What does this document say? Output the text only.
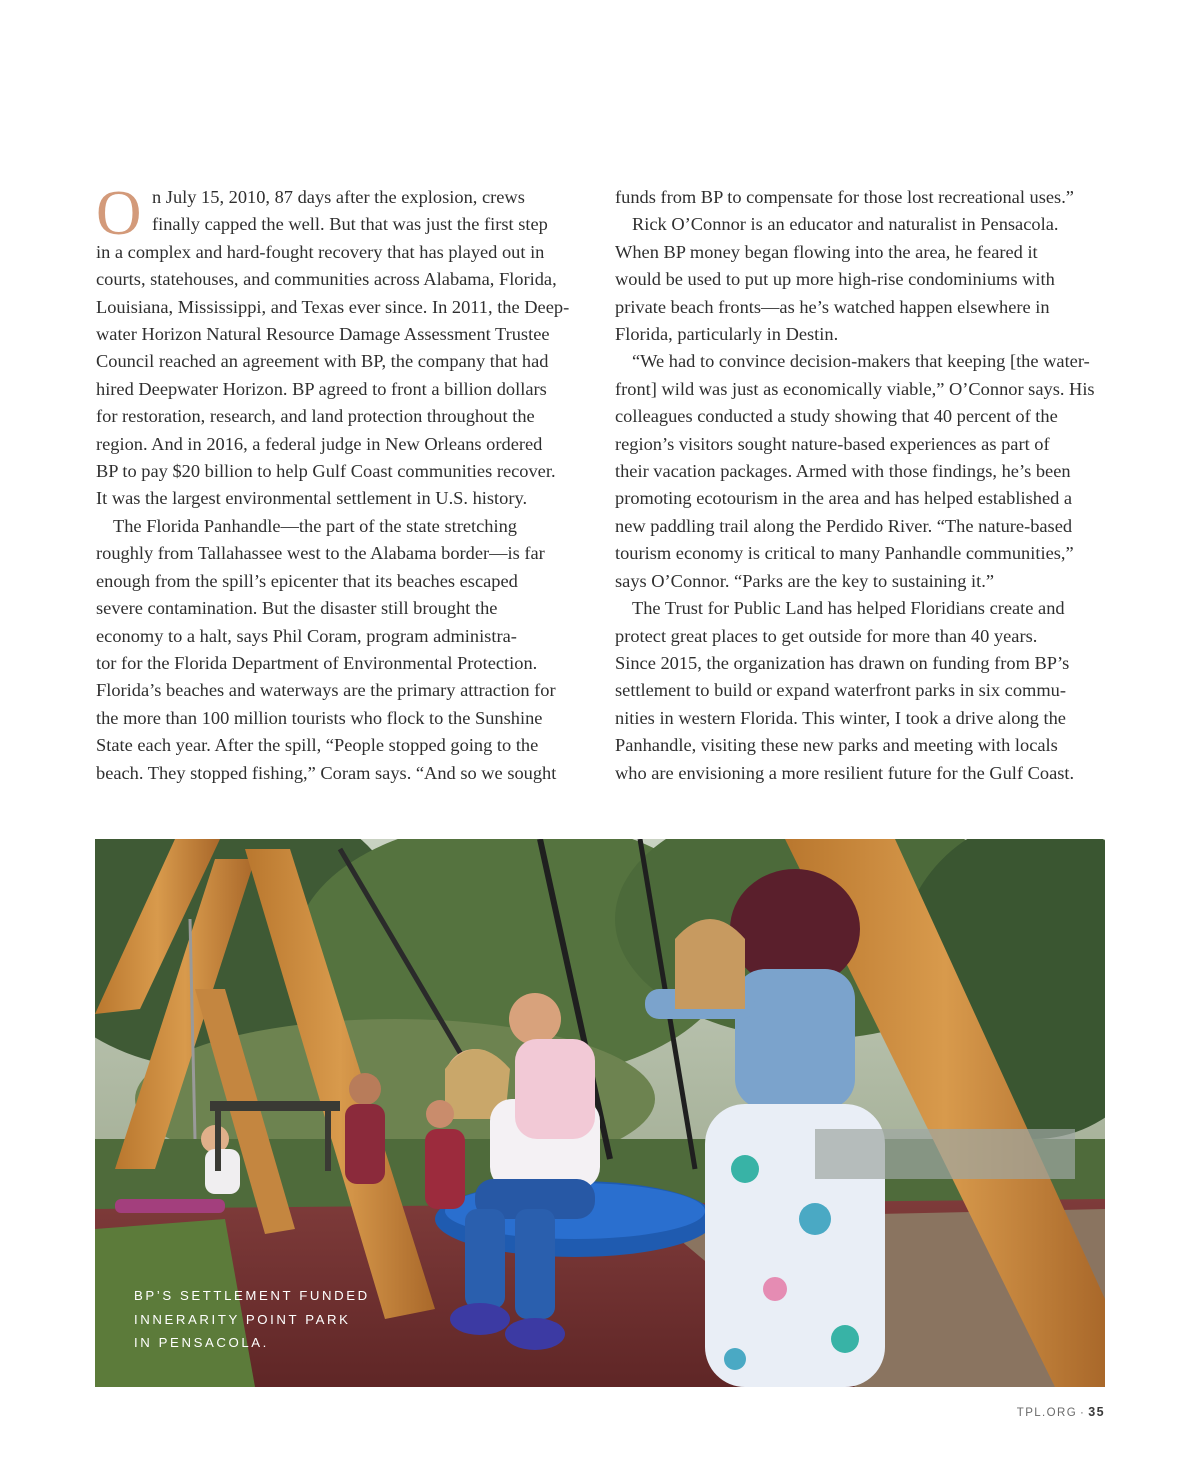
O n July 15, 2010, 87 days after the explosion, crews
finally capped the well. But that was just the first step
in a complex and hard-fought recovery that has played out in
courts, statehouses, and communities across Alabama, Florida,
Louisiana, Mississippi, and Texas ever since. In 2011, the Deep-
water Horizon Natural Resource Damage Assessment Trustee
Council reached an agreement with BP, the company that had
hired Deepwater Horizon. BP agreed to front a billion dollars
for restoration, research, and land protection throughout the
region. And in 2016, a federal judge in New Orleans ordered
BP to pay $20 billion to help Gulf Coast communities recover.
It was the largest environmental settlement in U.S. history.

The Florida Panhandle—the part of the state stretching
roughly from Tallahassee west to the Alabama border—is far
enough from the spill’s epicenter that its beaches escaped
severe contamination. But the disaster still brought the
economy to a halt, says Phil Coram, program administra-
tor for the Florida Department of Environmental Protection.
Florida’s beaches and waterways are the primary attraction for
the more than 100 million tourists who flock to the Sunshine
State each year. After the spill, “People stopped going to the
beach. They stopped fishing,” Coram says. “And so we sought

funds from BP to compensate for those lost recreational uses.”

Rick O’Connor is an educator and naturalist in Pensacola.
When BP money began flowing into the area, he feared it
would be used to put up more high-rise condominiums with
private beach fronts—as he’s watched happen elsewhere in
Florida, particularly in Destin.

“We had to convince decision-makers that keeping [the water-
front] wild was just as economically viable,” O’Connor says. His
colleagues conducted a study showing that 40 percent of the
region’s visitors sought nature-based experiences as part of
their vacation packages. Armed with those findings, he’s been
promoting ecotourism in the area and has helped established a
new paddling trail along the Perdido River. “The nature-based
tourism economy is critical to many Panhandle communities,”
says O’Connor. “Parks are the key to sustaining it.”

The Trust for Public Land has helped Floridians create and
protect great places to get outside for more than 40 years.
Since 2015, the organization has drawn on funding from BP’s
settlement to build or expand waterfront parks in six commu-
nities in western Florida. This winter, I took a drive along the
Panhandle, visiting these new parks and meeting with locals
who are envisioning a more resilient future for the Gulf Coast.

BP’S SETTLEMENT FUNDED
INNERARITY POINT PARK
IN PENSACOLA.
TPL.ORG · 35
